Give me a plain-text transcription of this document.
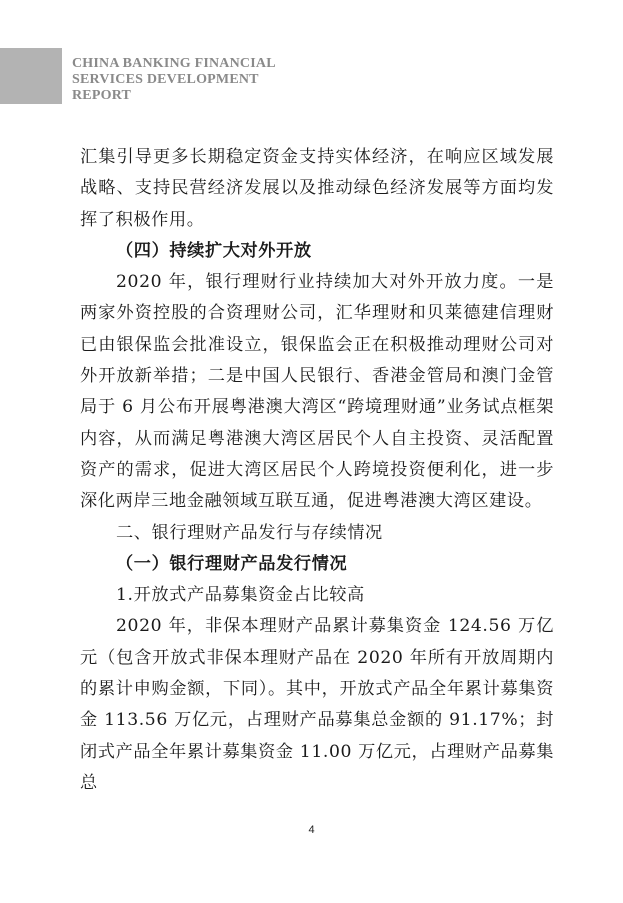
CHINA BANKING FINANCIAL
SERVICES DEVELOPMENT
REPORT

汇集引导更多长期稳定资金支持实体经济，在响应区域发展战略、支持民营经济发展以及推动绿色经济发展等方面均发挥了积极作用。

（四）持续扩大对外开放

2020 年，银行理财行业持续加大对外开放力度。一是两家外资控股的合资理财公司，汇华理财和贝莱德建信理财已由银保监会批准设立，银保监会正在积极推动理财公司对外开放新举措；二是中国人民银行、香港金管局和澳门金管局于 6 月公布开展粤港澳大湾区“跨境理财通”业务试点框架内容，从而满足粤港澳大湾区居民个人自主投资、灵活配置资产的需求，促进大湾区居民个人跨境投资便利化，进一步深化两岸三地金融领域互联互通，促进粤港澳大湾区建设。

二、银行理财产品发行与存续情况

（一）银行理财产品发行情况

1.开放式产品募集资金占比较高

2020 年，非保本理财产品累计募集资金 124.56 万亿元（包含开放式非保本理财产品在 2020 年所有开放周期内的累计申购金额，下同）。其中，开放式产品全年累计募集资金 113.56 万亿元，占理财产品募集总金额的 91.17%；封闭式产品全年累计募集资金 11.00 万亿元，占理财产品募集总

4
